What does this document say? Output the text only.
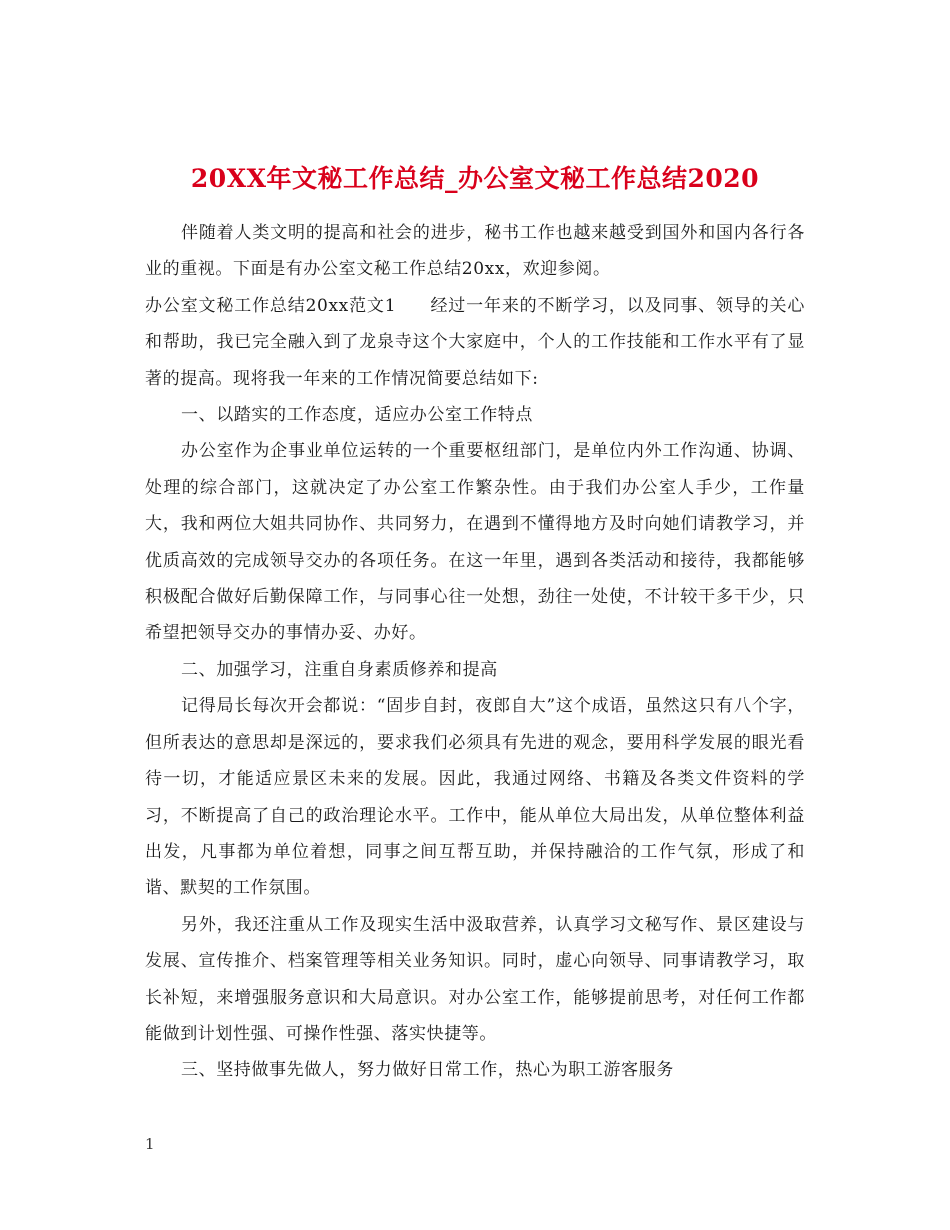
20XX年文秘工作总结_办公室文秘工作总结2020

伴随着人类文明的提高和社会的进步，秘书工作也越来越受到国外和国内各行各业的重视。下面是有办公室文秘工作总结20xx，欢迎参阅。

办公室文秘工作总结20xx范文1 经过一年来的不断学习，以及同事、领导的关心和帮助，我已完全融入到了龙泉寺这个大家庭中，个人的工作技能和工作水平有了显著的提高。现将我一年来的工作情况简要总结如下:

一、以踏实的工作态度，适应办公室工作特点

办公室作为企事业单位运转的一个重要枢纽部门，是单位内外工作沟通、协调、处理的综合部门，这就决定了办公室工作繁杂性。由于我们办公室人手少，工作量大，我和两位大姐共同协作、共同努力，在遇到不懂得地方及时向她们请教学习，并优质高效的完成领导交办的各项任务。在这一年里，遇到各类活动和接待，我都能够积极配合做好后勤保障工作，与同事心往一处想，劲往一处使，不计较干多干少，只希望把领导交办的事情办妥、办好。

二、加强学习，注重自身素质修养和提高

记得局长每次开会都说：“固步自封，夜郎自大”这个成语，虽然这只有八个字，但所表达的意思却是深远的，要求我们必须具有先进的观念，要用科学发展的眼光看待一切，才能适应景区未来的发展。因此，我通过网络、书籍及各类文件资料的学习，不断提高了自己的政治理论水平。工作中，能从单位大局出发，从单位整体利益出发，凡事都为单位着想，同事之间互帮互助，并保持融洽的工作气氛，形成了和谐、默契的工作氛围。

另外，我还注重从工作及现实生活中汲取营养，认真学习文秘写作、景区建设与发展、宣传推介、档案管理等相关业务知识。同时，虚心向领导、同事请教学习，取长补短，来增强服务意识和大局意识。对办公室工作，能够提前思考，对任何工作都能做到计划性强、可操作性强、落实快捷等。

三、坚持做事先做人，努力做好日常工作，热心为职工游客服务

1
